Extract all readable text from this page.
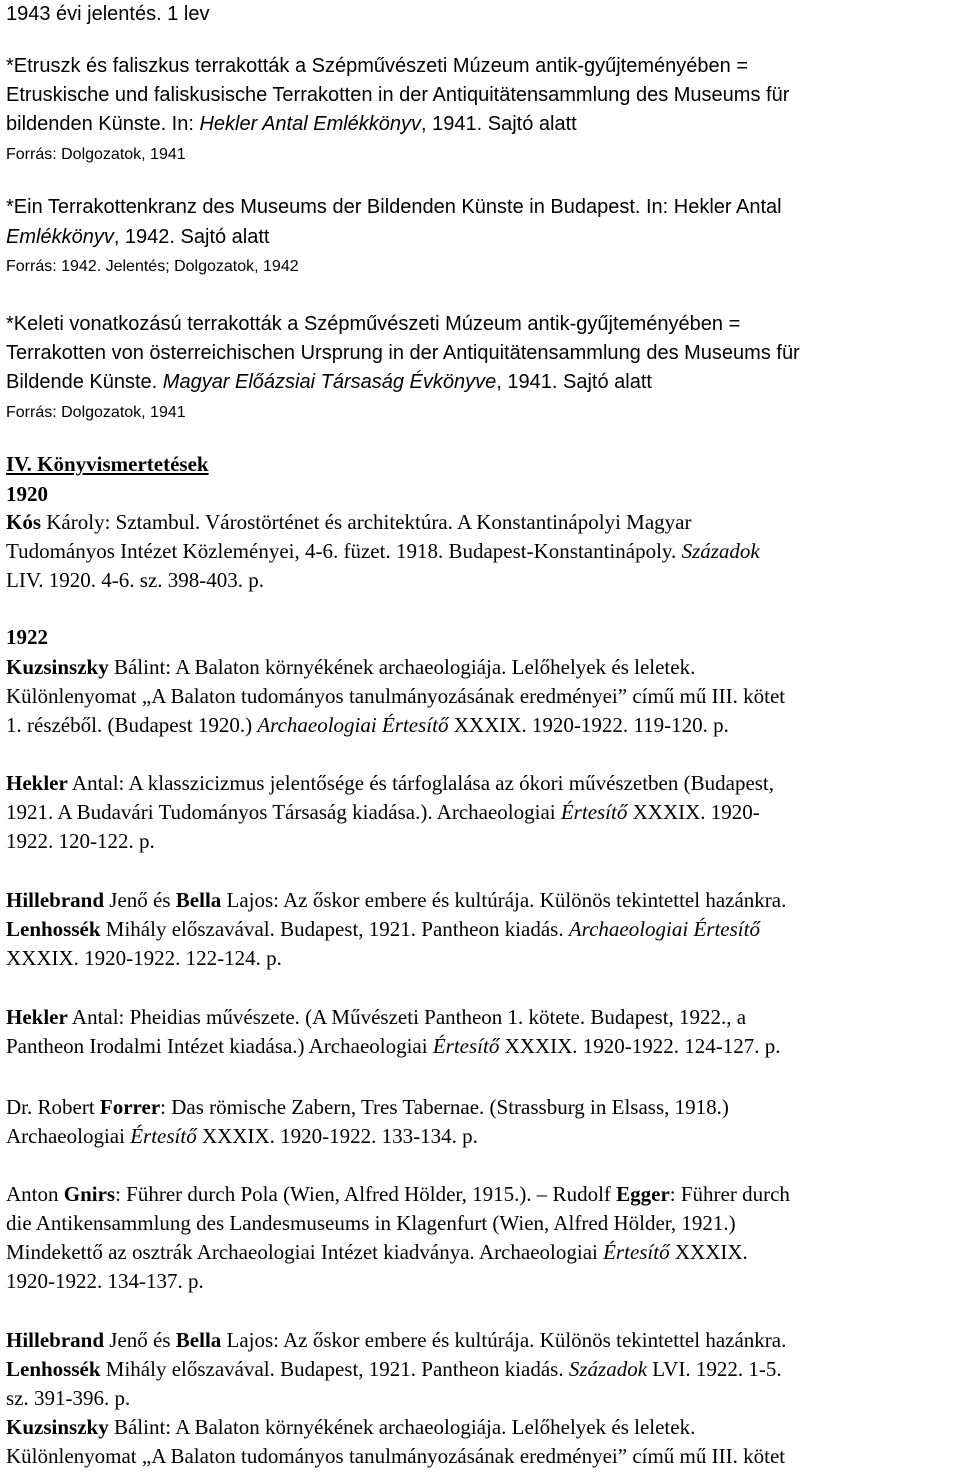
1943 évi jelentés. 1 lev
*Etruszk és faliszkus terrakották a Szépművészeti Múzeum antik-gyűjteményében =
Etruskische und faliskusische Terrakotten in der Antiquitätensammlung des Museums für
bildenden Künste. In: Hekler Antal Emlékkönyv, 1941. Sajtó alatt
Forrás: Dolgozatok, 1941
*Ein Terrakottenkranz des Museums der Bildenden Künste in Budapest. In: Hekler Antal
Emlékkönyv, 1942. Sajtó alatt
Forrás: 1942. Jelentés; Dolgozatok, 1942
*Keleti vonatkozású terrakották a Szépművészeti Múzeum antik-gyűjteményében =
Terrakotten von österreichischen Ursprung in der Antiquitätensammlung des Museums für
Bildende Künste. Magyar Előázsiai Társaság Évkönyve, 1941. Sajtó alatt
Forrás: Dolgozatok, 1941
IV. Könyvismertetések
1920
Kós Károly: Sztambul. Várostörténet és architektúra. A Konstantinápolyi Magyar
Tudományos Intézet Közleményei, 4-6. füzet. 1918. Budapest-Konstantinápoly. Századok
LIV. 1920. 4-6. sz. 398-403. p.
1922
Kuzsinszky Bálint: A Balaton környékének archaeologiája. Lelőhelyek és leletek.
Különlenyomat „A Balaton tudományos tanulmányozásának eredményei” című mű III. kötet
1. részéből. (Budapest 1920.) Archaeologiai Értesítő XXXIX. 1920-1922. 119-120. p.
Hekler Antal: A klasszicizmus jelentősége és tárfoglalása az ókori művészetben (Budapest,
1921. A Budavári Tudományos Társaság kiadása.). Archaeologiai Értesítő XXXIX. 1920-
1922. 120-122. p.
Hillebrand Jenő és Bella Lajos: Az őskor embere és kultúrája. Különös tekintettel hazánkra.
Lenhossék Mihály előszavával. Budapest, 1921. Pantheon kiadás. Archaeologiai Értesítő
XXXIX. 1920-1922. 122-124. p.
Hekler Antal: Pheidias művészete. (A Művészeti Pantheon 1. kötete. Budapest, 1922., a
Pantheon Irodalmi Intézet kiadása.) Archaeologiai Értesítő XXXIX. 1920-1922. 124-127. p.
Dr. Robert Forrer: Das römische Zabern, Tres Tabernae. (Strassburg in Elsass, 1918.)
Archaeologiai Értesítő XXXIX. 1920-1922. 133-134. p.
Anton Gnirs: Führer durch Pola (Wien, Alfred Hölder, 1915.). – Rudolf Egger: Führer durch
die Antikensammlung des Landesmuseums in Klagenfurt (Wien, Alfred Hölder, 1921.)
Mindekettő az osztrák Archaeologiai Intézet kiadványa. Archaeologiai Értesítő XXXIX.
1920-1922. 134-137. p.
Hillebrand Jenő és Bella Lajos: Az őskor embere és kultúrája. Különös tekintettel hazánkra.
Lenhossék Mihály előszavával. Budapest, 1921. Pantheon kiadás. Századok LVI. 1922. 1-5.
sz. 391-396. p.
Kuzsinszky Bálint: A Balaton környékének archaeologiája. Lelőhelyek és leletek.
Különlenyomat „A Balaton tudományos tanulmányozásának eredményei” című mű III. kötet
